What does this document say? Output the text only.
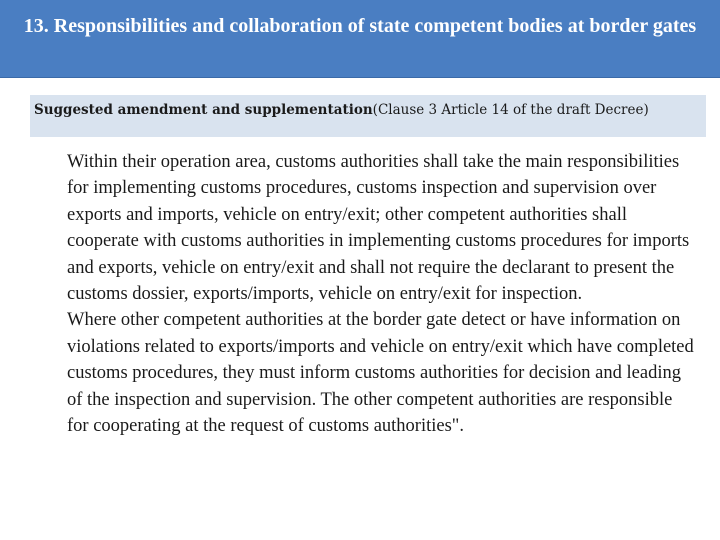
13. Responsibilities and collaboration of state competent bodies at border gates
Suggested amendment and supplementation(Clause 3 Article 14 of the draft Decree)

Within their operation area, customs authorities shall take the main responsibilities for implementing customs procedures, customs inspection and supervision over exports and imports, vehicle on entry/exit; other competent authorities shall cooperate with customs authorities in implementing customs procedures for imports and exports, vehicle on entry/exit and shall not require the declarant to present the customs dossier, exports/imports, vehicle on entry/exit for inspection.

Where other competent authorities at the border gate detect or have information on violations related to exports/imports and vehicle on entry/exit which have completed customs procedures, they must inform customs authorities for decision and leading of the inspection and supervision. The other competent authorities are responsible for cooperating at the request of customs authorities".
